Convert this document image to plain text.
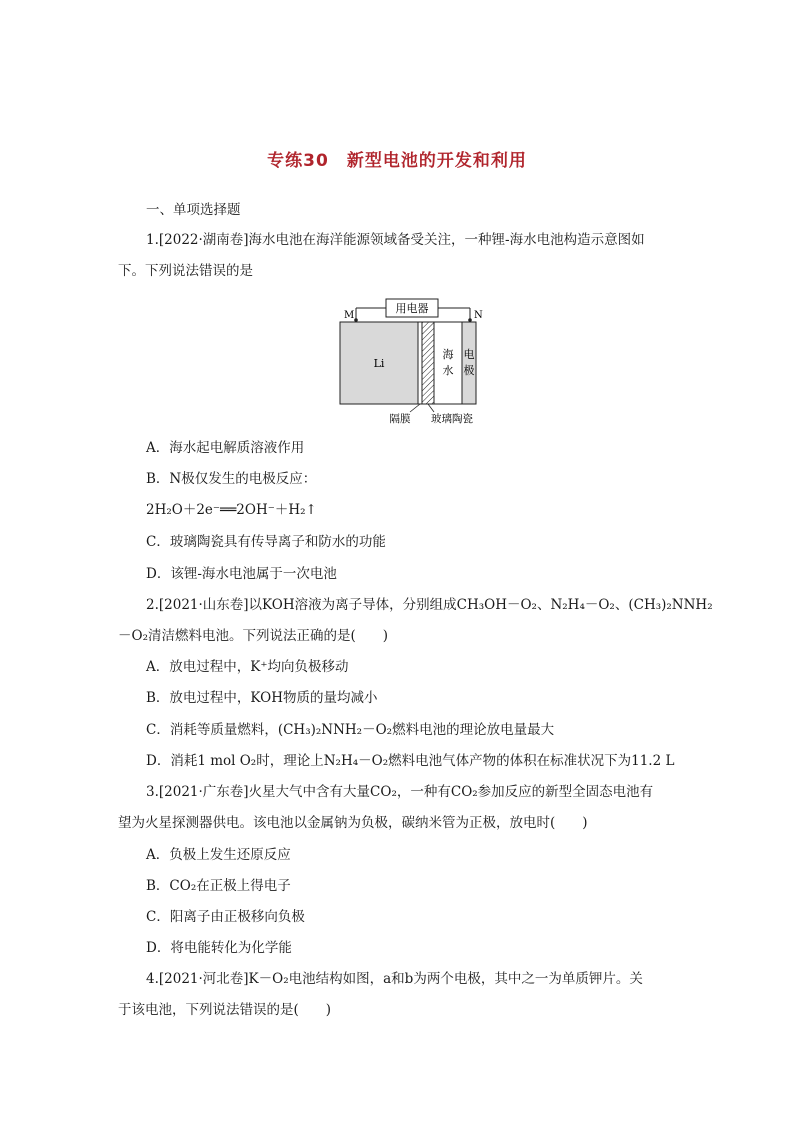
专练30　新型电池的开发和利用
一、单项选择题
1.[2022·湖南卷]海水电池在海洋能源领域备受关注，一种锂-海水电池构造示意图如
下。下列说法错误的是
用电器
M	N
Li
海
水
电
极
隔膜 玻璃陶瓷
A．海水起电解质溶液作用
B．N极仅发生的电极反应：
2H₂O＋2e⁻══2OH⁻＋H₂↑
C．玻璃陶瓷具有传导离子和防水的功能
D．该锂-海水电池属于一次电池
2.[2021·山东卷]以KOH溶液为离子导体，分别组成CH₃OH－O₂、N₂H₄－O₂、(CH₃)₂NNH₂
－O₂清洁燃料电池。下列说法正确的是(　　)
A．放电过程中，K⁺均向负极移动
B．放电过程中，KOH物质的量均减小
C．消耗等质量燃料，(CH₃)₂NNH₂－O₂燃料电池的理论放电量最大
D．消耗1 mol O₂时，理论上N₂H₄－O₂燃料电池气体产物的体积在标准状况下为11.2 L
3.[2021·广东卷]火星大气中含有大量CO₂，一种有CO₂参加反应的新型全固态电池有
望为火星探测器供电。该电池以金属钠为负极，碳纳米管为正极，放电时(　　)
A．负极上发生还原反应
B．CO₂在正极上得电子
C．阳离子由正极移向负极
D．将电能转化为化学能
4.[2021·河北卷]K－O₂电池结构如图，a和b为两个电极，其中之一为单质钾片。关
于该电池，下列说法错误的是(　　)
